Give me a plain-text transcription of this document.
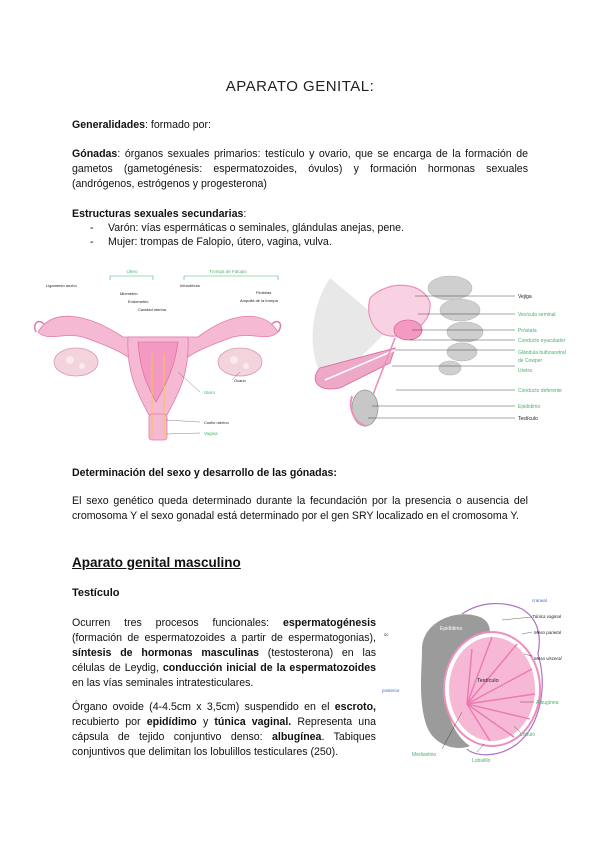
APARATO GENITAL:
Generalidades: formado por:
Gónadas: órganos sexuales primarios: testículo y ovario, que se encarga de la formación de gametos (gametogénesis: espermatozoides, óvulos) y formación hormonas sexuales (andrógenos, estrógenos y progesterona)
Estructuras sexuales secundarias:
- Varón: vías espermáticas o seminales, glándulas anejas, pene.
- Mujer: trompas de Falopio, útero, vagina, vulva.
Útero	Trompa de Falopio
Ligamento ancho
Miometrio
Endometrio
Cavidad uterina
Infundíbulo
Ampolla de la trompa
Fimbrias
Ovario
Útero
Cuello uterino
Vagina
Vejiga
Vesícula seminal
Próstata
Conducto eyaculador
Glándula bulbouretral
de Cowper
Uretra
Conducto deferente
Epidídimo
Testículo
Determinación del sexo y desarrollo de las gónadas:
El sexo genético queda determinado durante la fecundación por la presencia o ausencia del cromosoma Y el sexo gonadal está determinado por el gen SRY localizado en el cromosoma Y.
Aparato genital masculino
Testículo
Ocurren tres procesos funcionales: espermatogénesis (formación de espermatozoides a partir de espermatogonias), síntesis de hormonas masculinas (testosterona) en las células de Leydig, conducción inicial de la espermatozoides en las vías seminales intratesticulares.
Órgano ovoide (4-4.5cm x 3,5cm) suspendido en el escroto, recubierto por epidídimo y túnica vaginal. Representa una cápsula de tejido conjuntivo denso: albugínea. Tabiques conjuntivos que delimitan los lobulillos testiculares (250).
craneal
cc
posterior
Epidídimo
Testículo
Túnica vaginal
Meso parietal
Meso visceral
Albugínea
Lóbulo
Mediastino
Lobulillo
